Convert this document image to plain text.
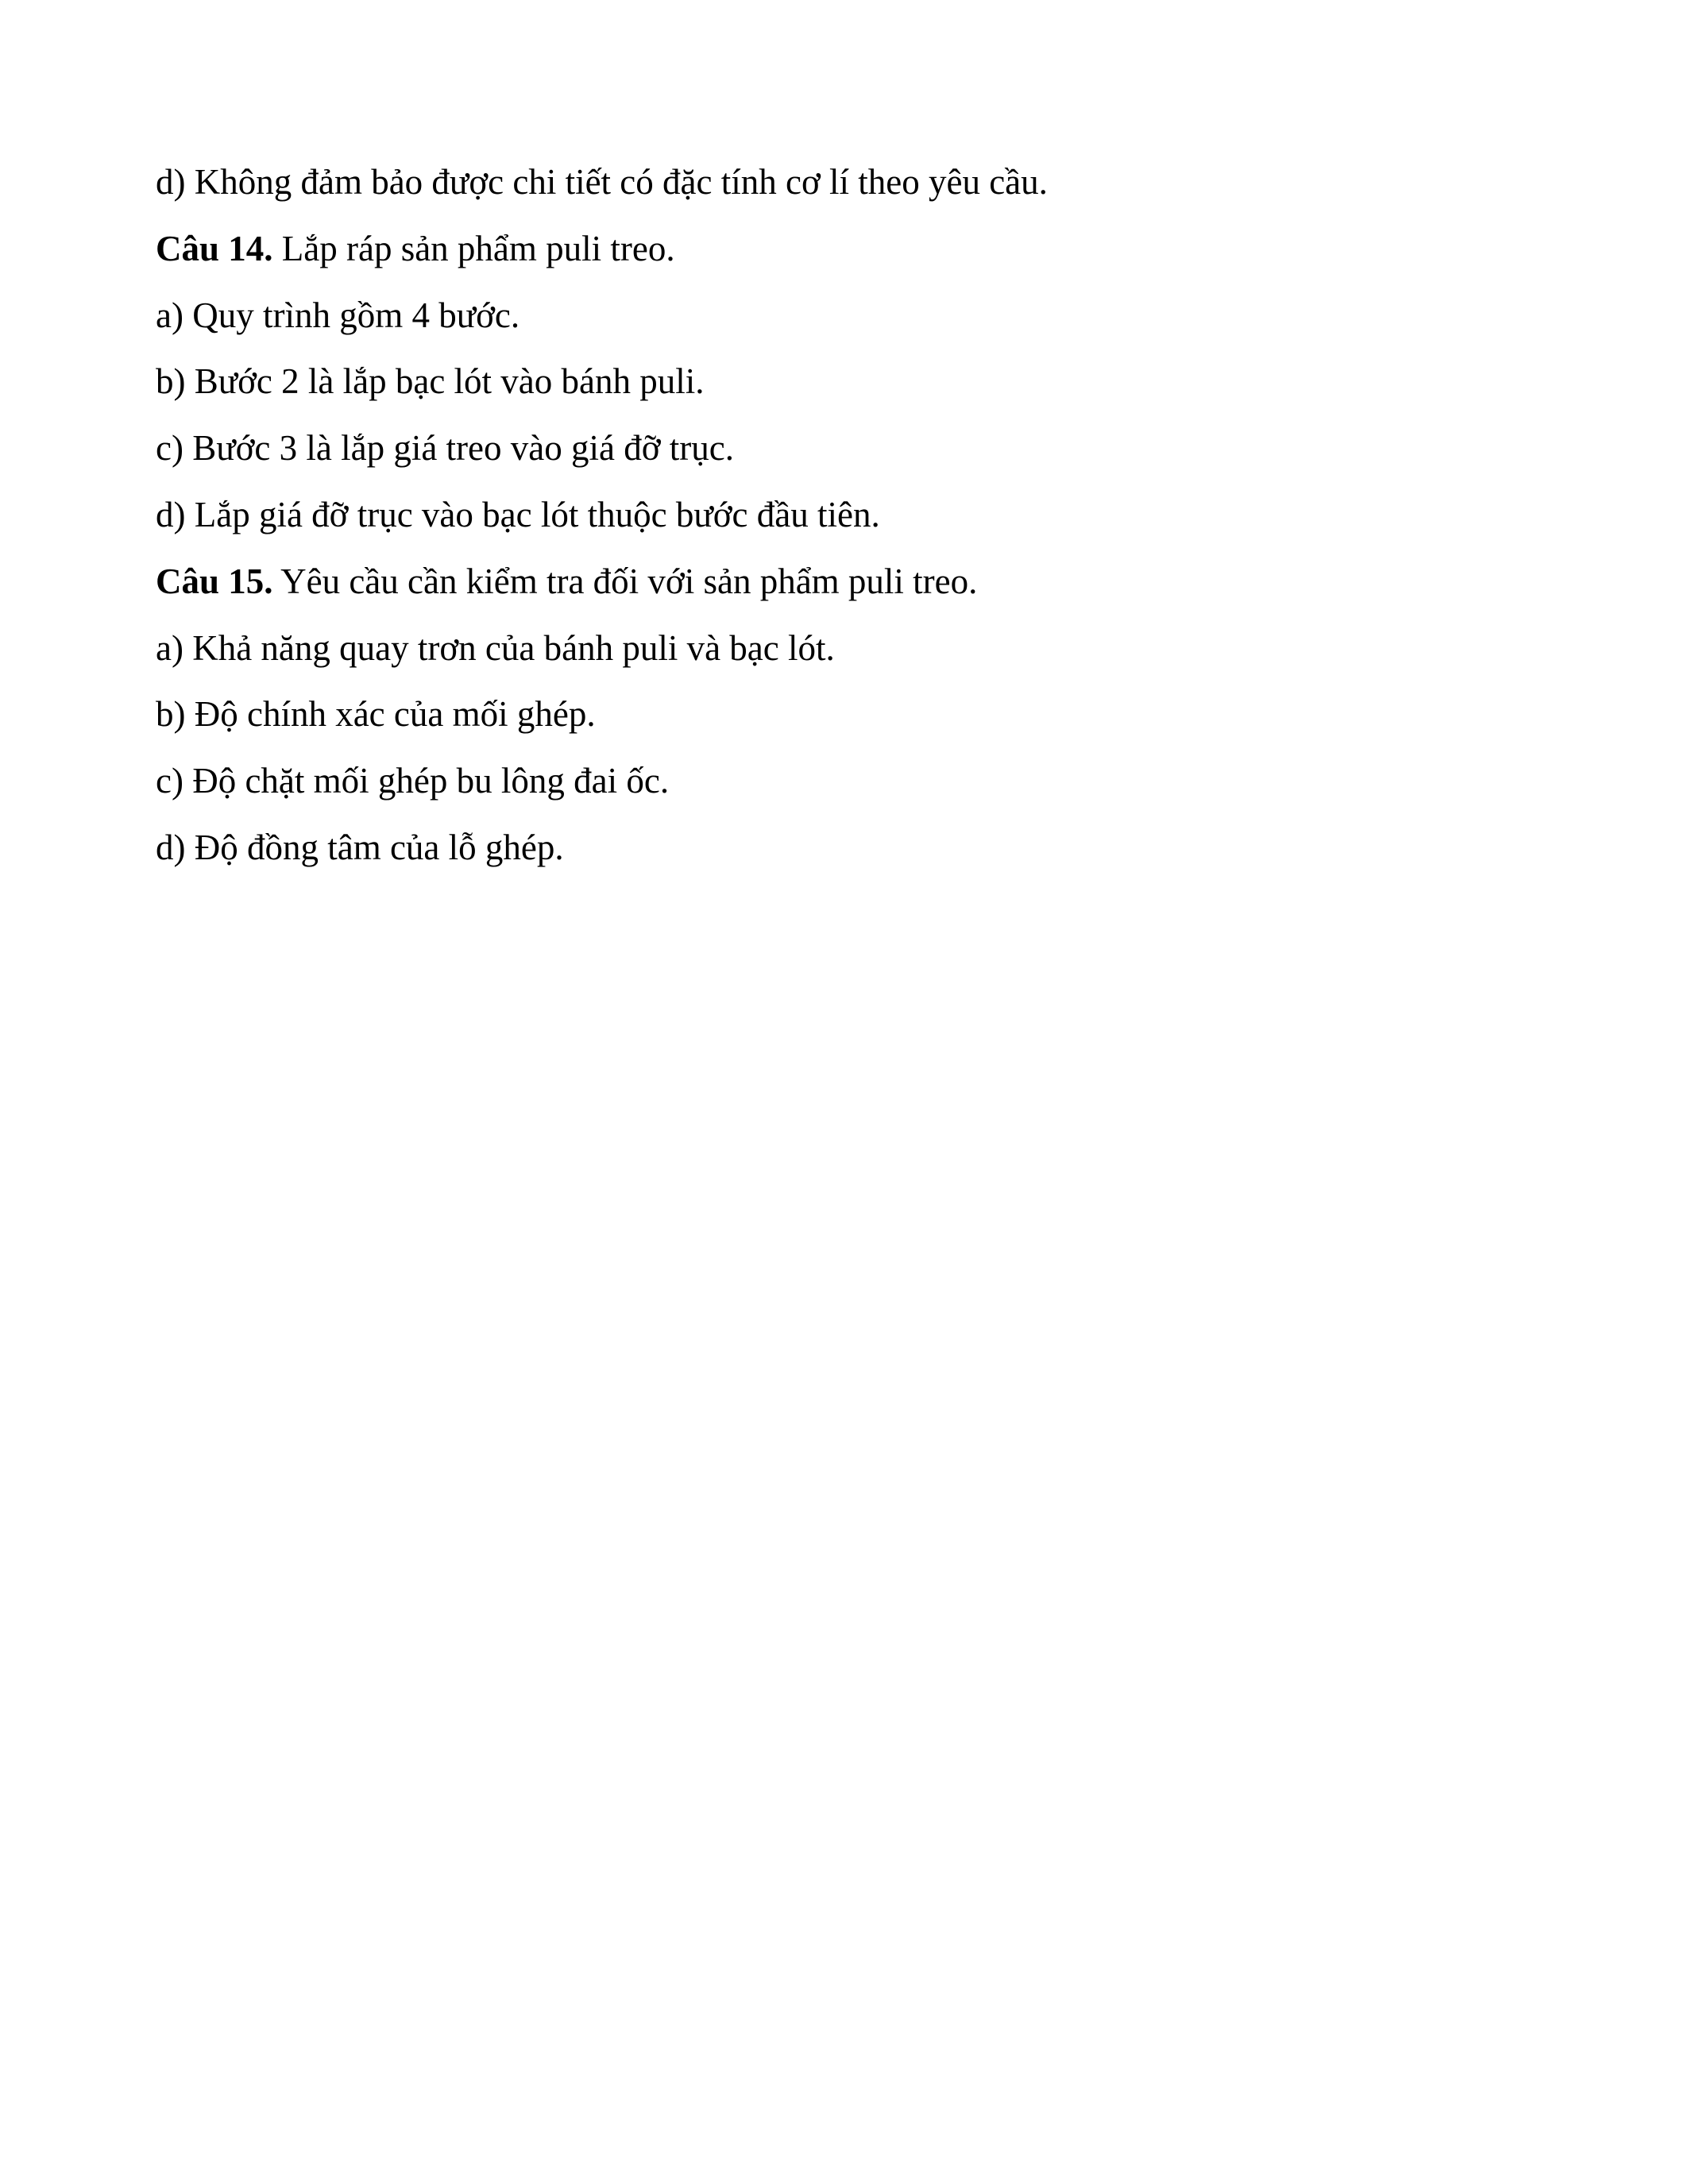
d) Không đảm bảo được chi tiết có đặc tính cơ lí theo yêu cầu.
Câu 14. Lắp ráp sản phẩm puli treo.
a) Quy trình gồm 4 bước.
b) Bước 2 là lắp bạc lót vào bánh puli.
c) Bước 3 là lắp giá treo vào giá đỡ trục.
d) Lắp giá đỡ trục vào bạc lót thuộc bước đầu tiên.
Câu 15. Yêu cầu cần kiểm tra đối với sản phẩm puli treo.
a) Khả năng quay trơn của bánh puli và bạc lót.
b) Độ chính xác của mối ghép.
c) Độ chặt mối ghép bu lông đai ốc.
d) Độ đồng tâm của lỗ ghép.
